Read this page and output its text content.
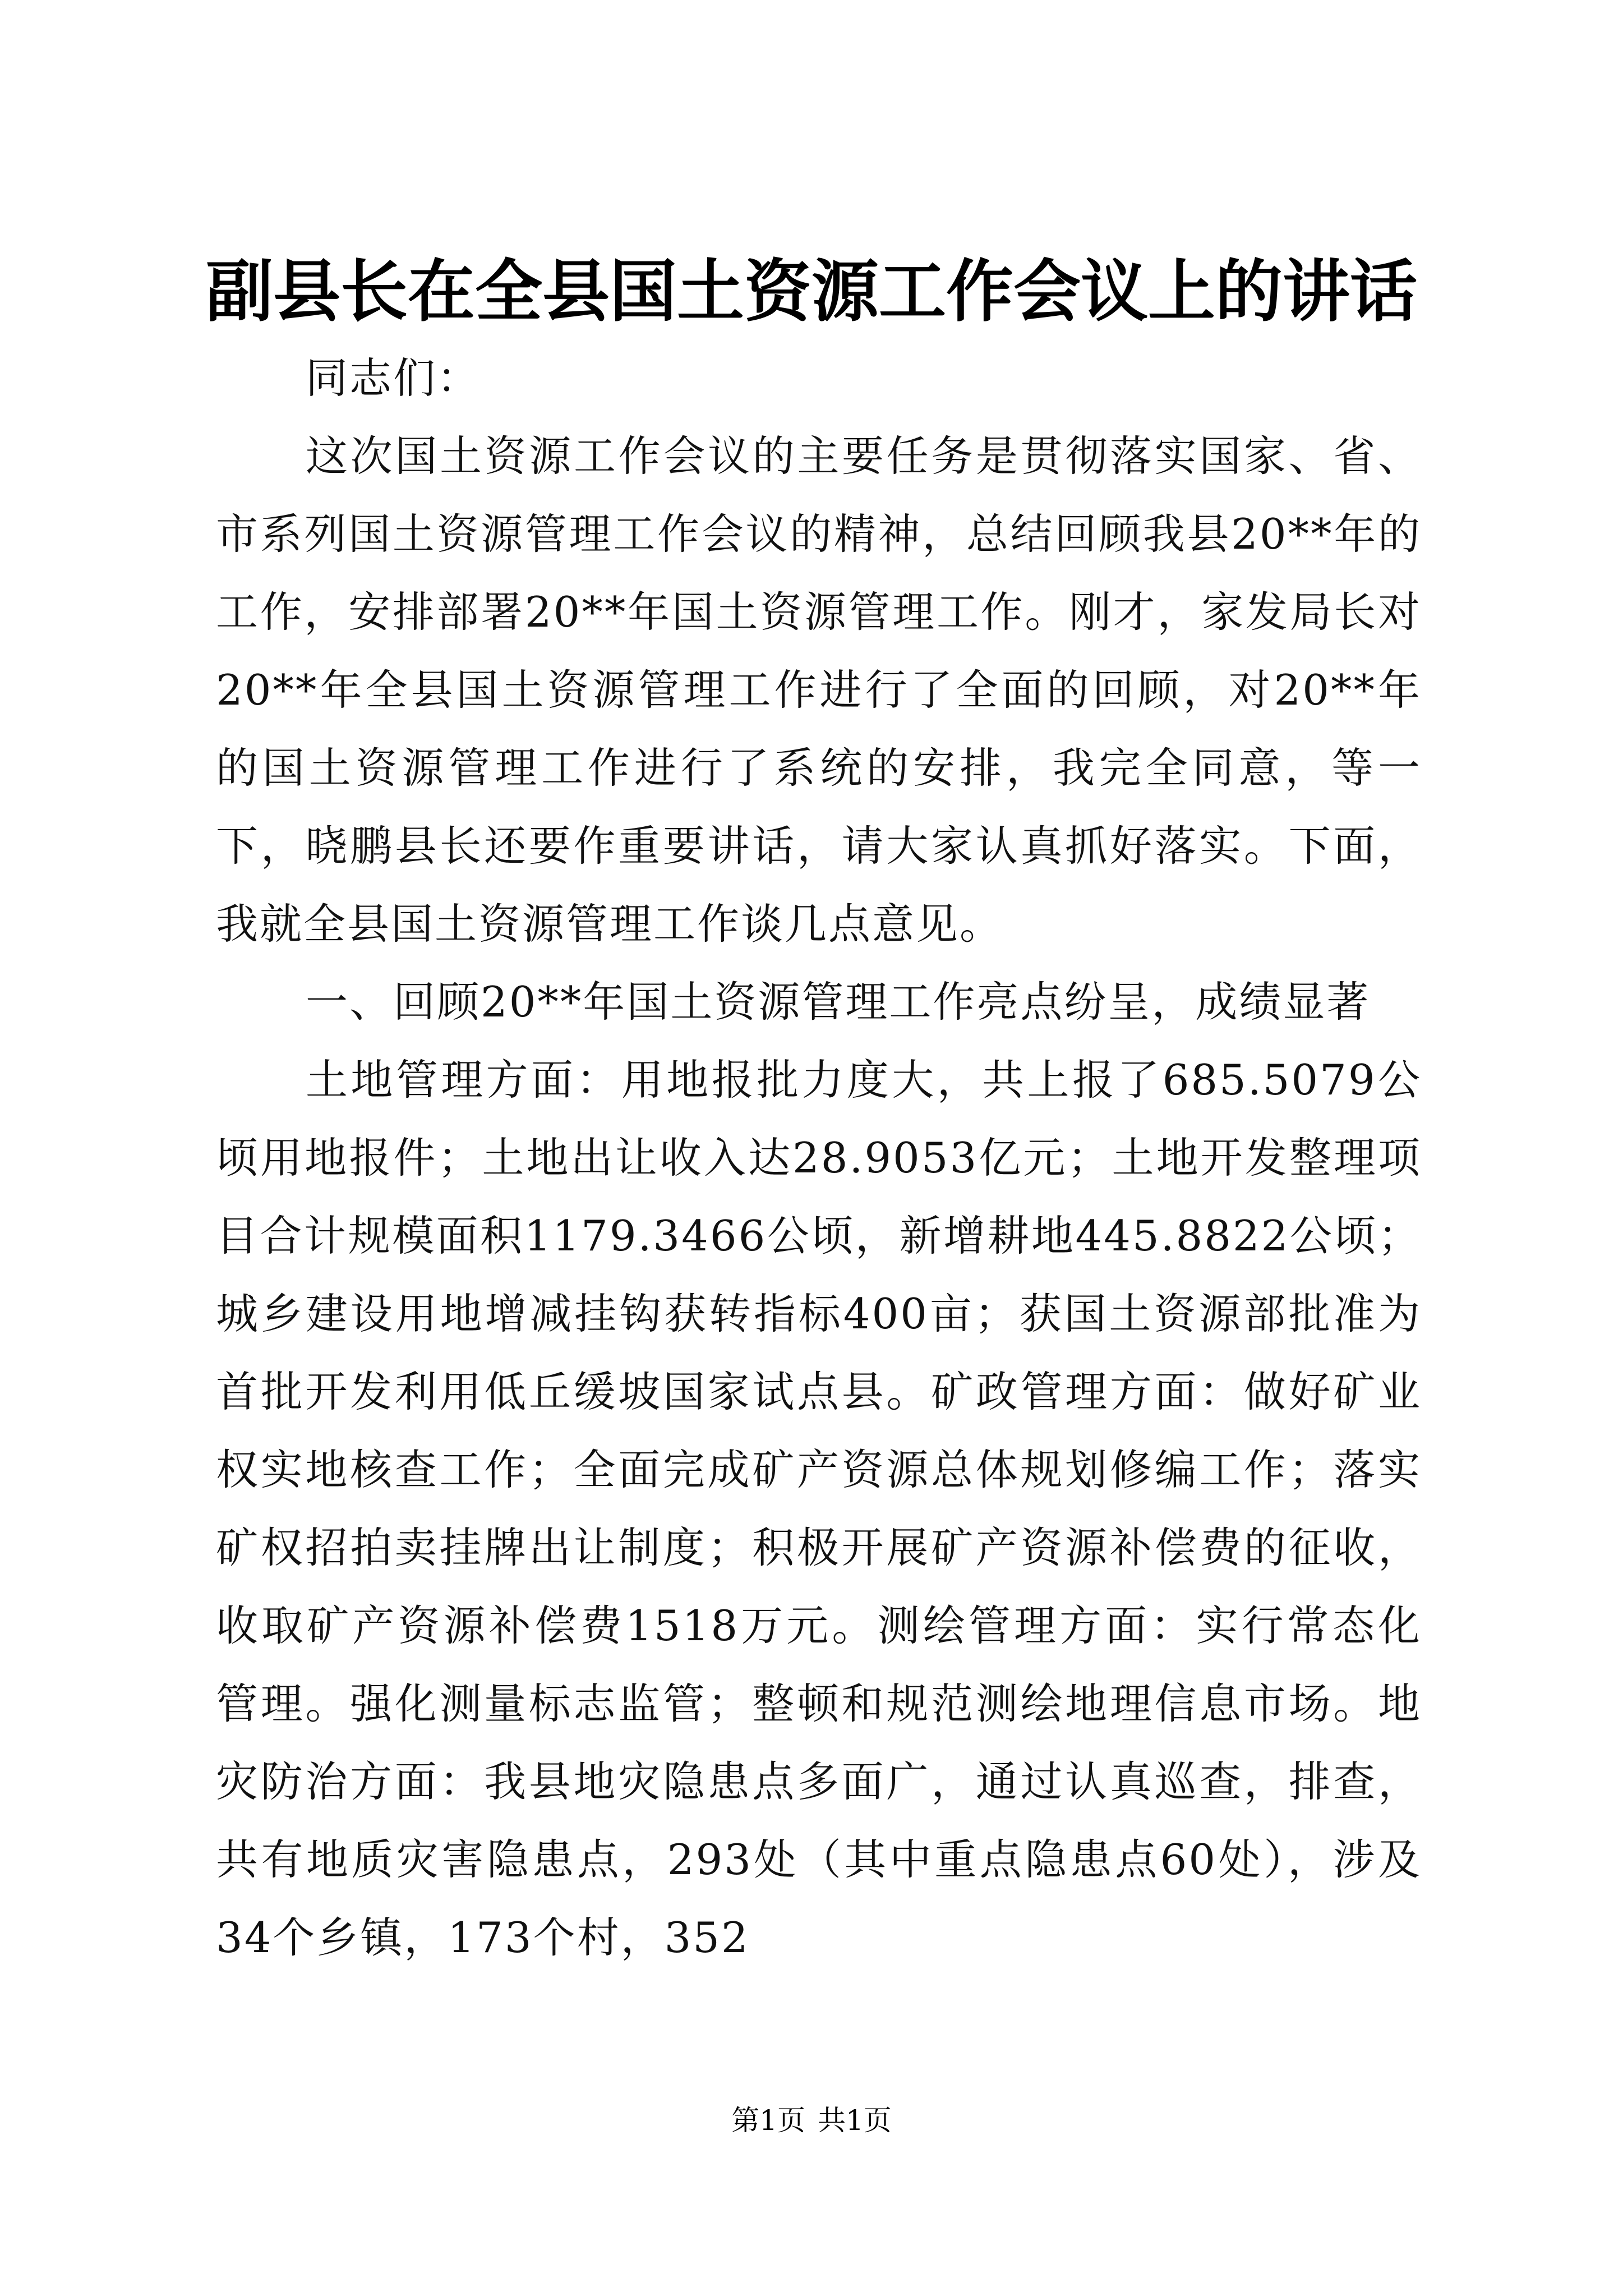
副县长在全县国土资源工作会议上的讲话

同志们：

这次国土资源工作会议的主要任务是贯彻落实国家、省、市系列国土资源管理工作会议的精神，总结回顾我县20**年的工作，安排部署20**年国土资源管理工作。刚才，家发局长对20**年全县国土资源管理工作进行了全面的回顾，对20**年的国土资源管理工作进行了系统的安排，我完全同意，等一下，晓鹏县长还要作重要讲话，请大家认真抓好落实。下面，我就全县国土资源管理工作谈几点意见。

一、回顾20**年国土资源管理工作亮点纷呈，成绩显著

土地管理方面：用地报批力度大，共上报了685.5079公顷用地报件；土地出让收入达28.9053亿元；土地开发整理项目合计规模面积1179.3466公顷，新增耕地445.8822公顷；城乡建设用地增减挂钩获转指标400亩；获国土资源部批准为首批开发利用低丘缓坡国家试点县。矿政管理方面：做好矿业权实地核查工作；全面完成矿产资源总体规划修编工作；落实矿权招拍卖挂牌出让制度；积极开展矿产资源补偿费的征收，收取矿产资源补偿费1518万元。测绘管理方面：实行常态化管理。强化测量标志监管；整顿和规范测绘地理信息市场。地灾防治方面：我县地灾隐患点多面广，通过认真巡查，排查，共有地质灾害隐患点，293处（其中重点隐患点60处），涉及34个乡镇，173个村，352

第1页 共1页
